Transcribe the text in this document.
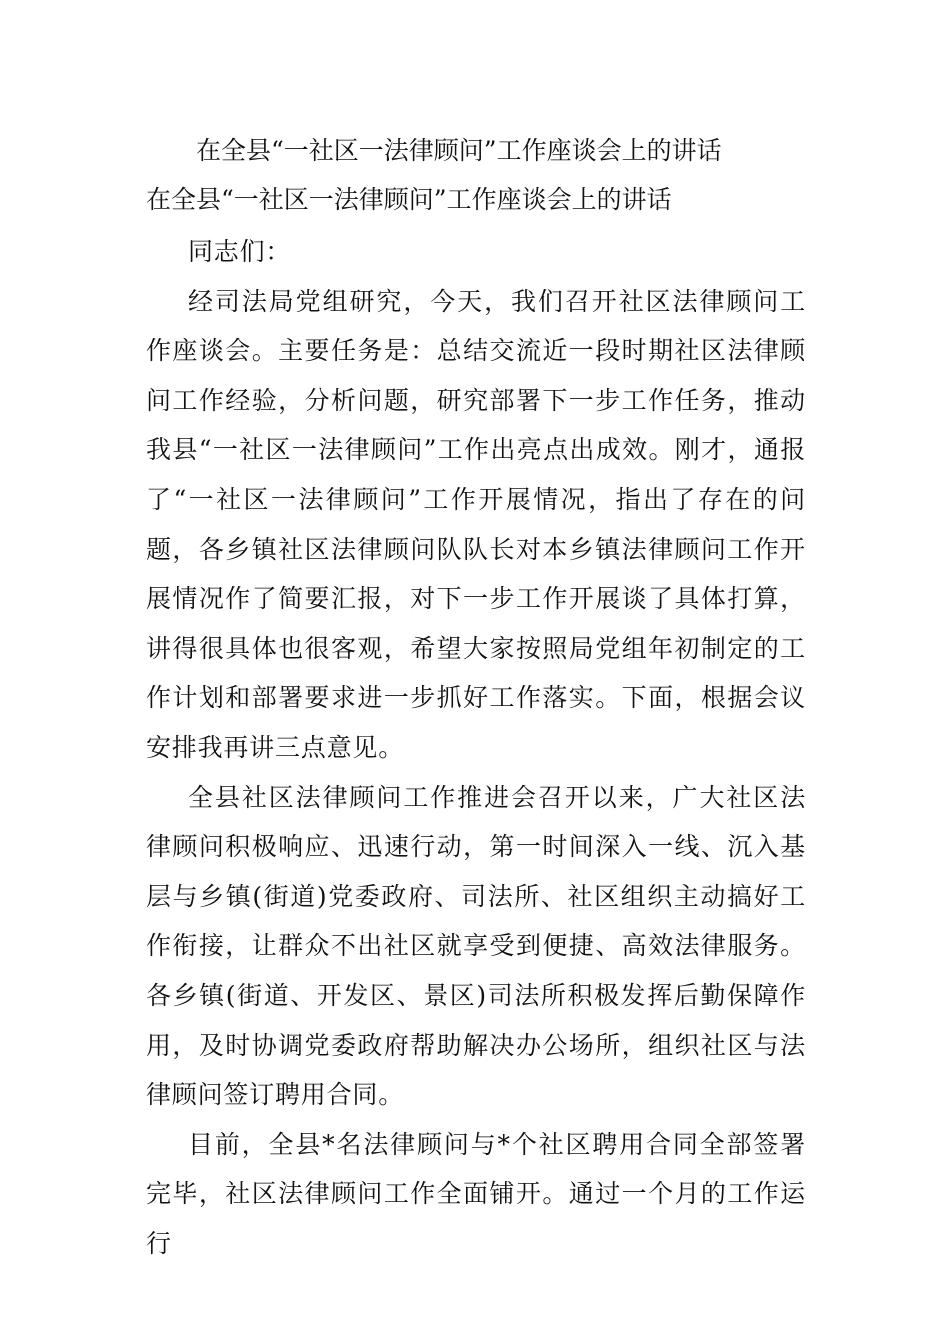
在全县“一社区一法律顾问”工作座谈会上的讲话
在全县“一社区一法律顾问”工作座谈会上的讲话

同志们：

经司法局党组研究，今天，我们召开社区法律顾问工作座谈会。主要任务是：总结交流近一段时期社区法律顾问工作经验，分析问题，研究部署下一步工作任务，推动我县“一社区一法律顾问”工作出亮点出成效。刚才，通报了“一社区一法律顾问”工作开展情况，指出了存在的问题，各乡镇社区法律顾问队队长对本乡镇法律顾问工作开展情况作了简要汇报，对下一步工作开展谈了具体打算，讲得很具体也很客观，希望大家按照局党组年初制定的工作计划和部署要求进一步抓好工作落实。下面，根据会议安排我再讲三点意见。

全县社区法律顾问工作推进会召开以来，广大社区法律顾问积极响应、迅速行动，第一时间深入一线、沉入基层与乡镇(街道)党委政府、司法所、社区组织主动搞好工作衔接，让群众不出社区就享受到便捷、高效法律服务。各乡镇(街道、开发区、景区)司法所积极发挥后勤保障作用，及时协调党委政府帮助解决办公场所，组织社区与法律顾问签订聘用合同。

目前，全县*名法律顾问与*个社区聘用合同全部签署完毕，社区法律顾问工作全面铺开。通过一个月的工作运行
